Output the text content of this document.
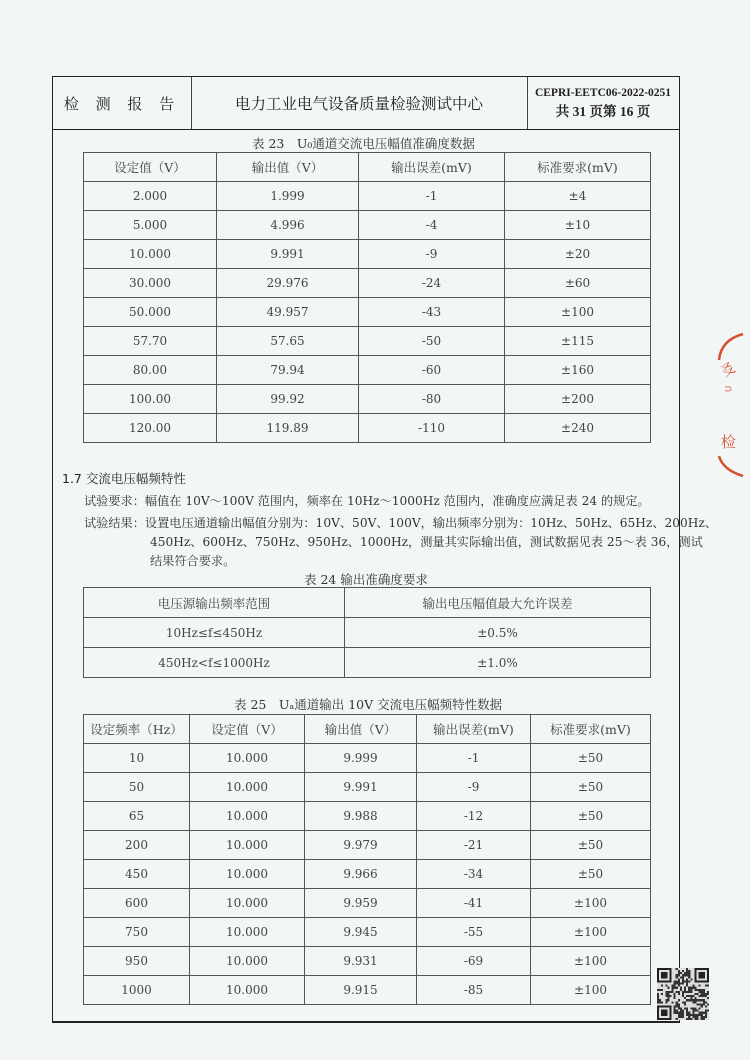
检 测 报 告	电力工业电气设备质量检验测试中心
CEPRI-EETC06-2022-0251
共 31 页第 16 页
表 23　U₀通道交流电压幅值准确度数据
设定值（V）	输出值（V）	输出误差(mV)	标准要求(mV)
2.000	1.999	-1	±4
5.000	4.996	-4	±10
10.000	9.991	-9	±20
30.000	29.976	-24	±60
50.000	49.957	-43	±100
57.70	57.65	-50	±115
80.00	79.94	-60	±160
100.00	99.92	-80	±200
120.00	119.89	-110	±240
1.7 交流电压幅频特性
试验要求：幅值在 10V～100V 范围内，频率在 10Hz～1000Hz 范围内，准确度应满足表 24 的规定。
试验结果：设置电压通道输出幅值分别为：10V、50V、100V，输出频率分别为：10Hz、50Hz、65Hz、200Hz、
450Hz、600Hz、750Hz、950Hz、1000Hz，测量其实际输出值，测试数据见表 25～表 36，测试
结果符合要求。
表 24 输出准确度要求
电压源输出频率范围	输出电压幅值最大允许误差
10Hz≤f≤450Hz	±0.5%
450Hz<f≤1000Hz	±1.0%
表 25　Uₐ通道输出 10V 交流电压幅频特性数据
设定频率（Hz）	设定值（V）	输出值（V）	输出误差(mV)	标准要求(mV)
10	10.000	9.999	-1	±50
50	10.000	9.991	-9	±50
65	10.000	9.988	-12	±50
200	10.000	9.979	-21	±50
450	10.000	9.966	-34	±50
600	10.000	9.959	-41	±100
750	10.000	9.945	-55	±100
950	10.000	9.931	-69	±100
1000	10.000	9.915	-85	±100
㕛
⊃
检
